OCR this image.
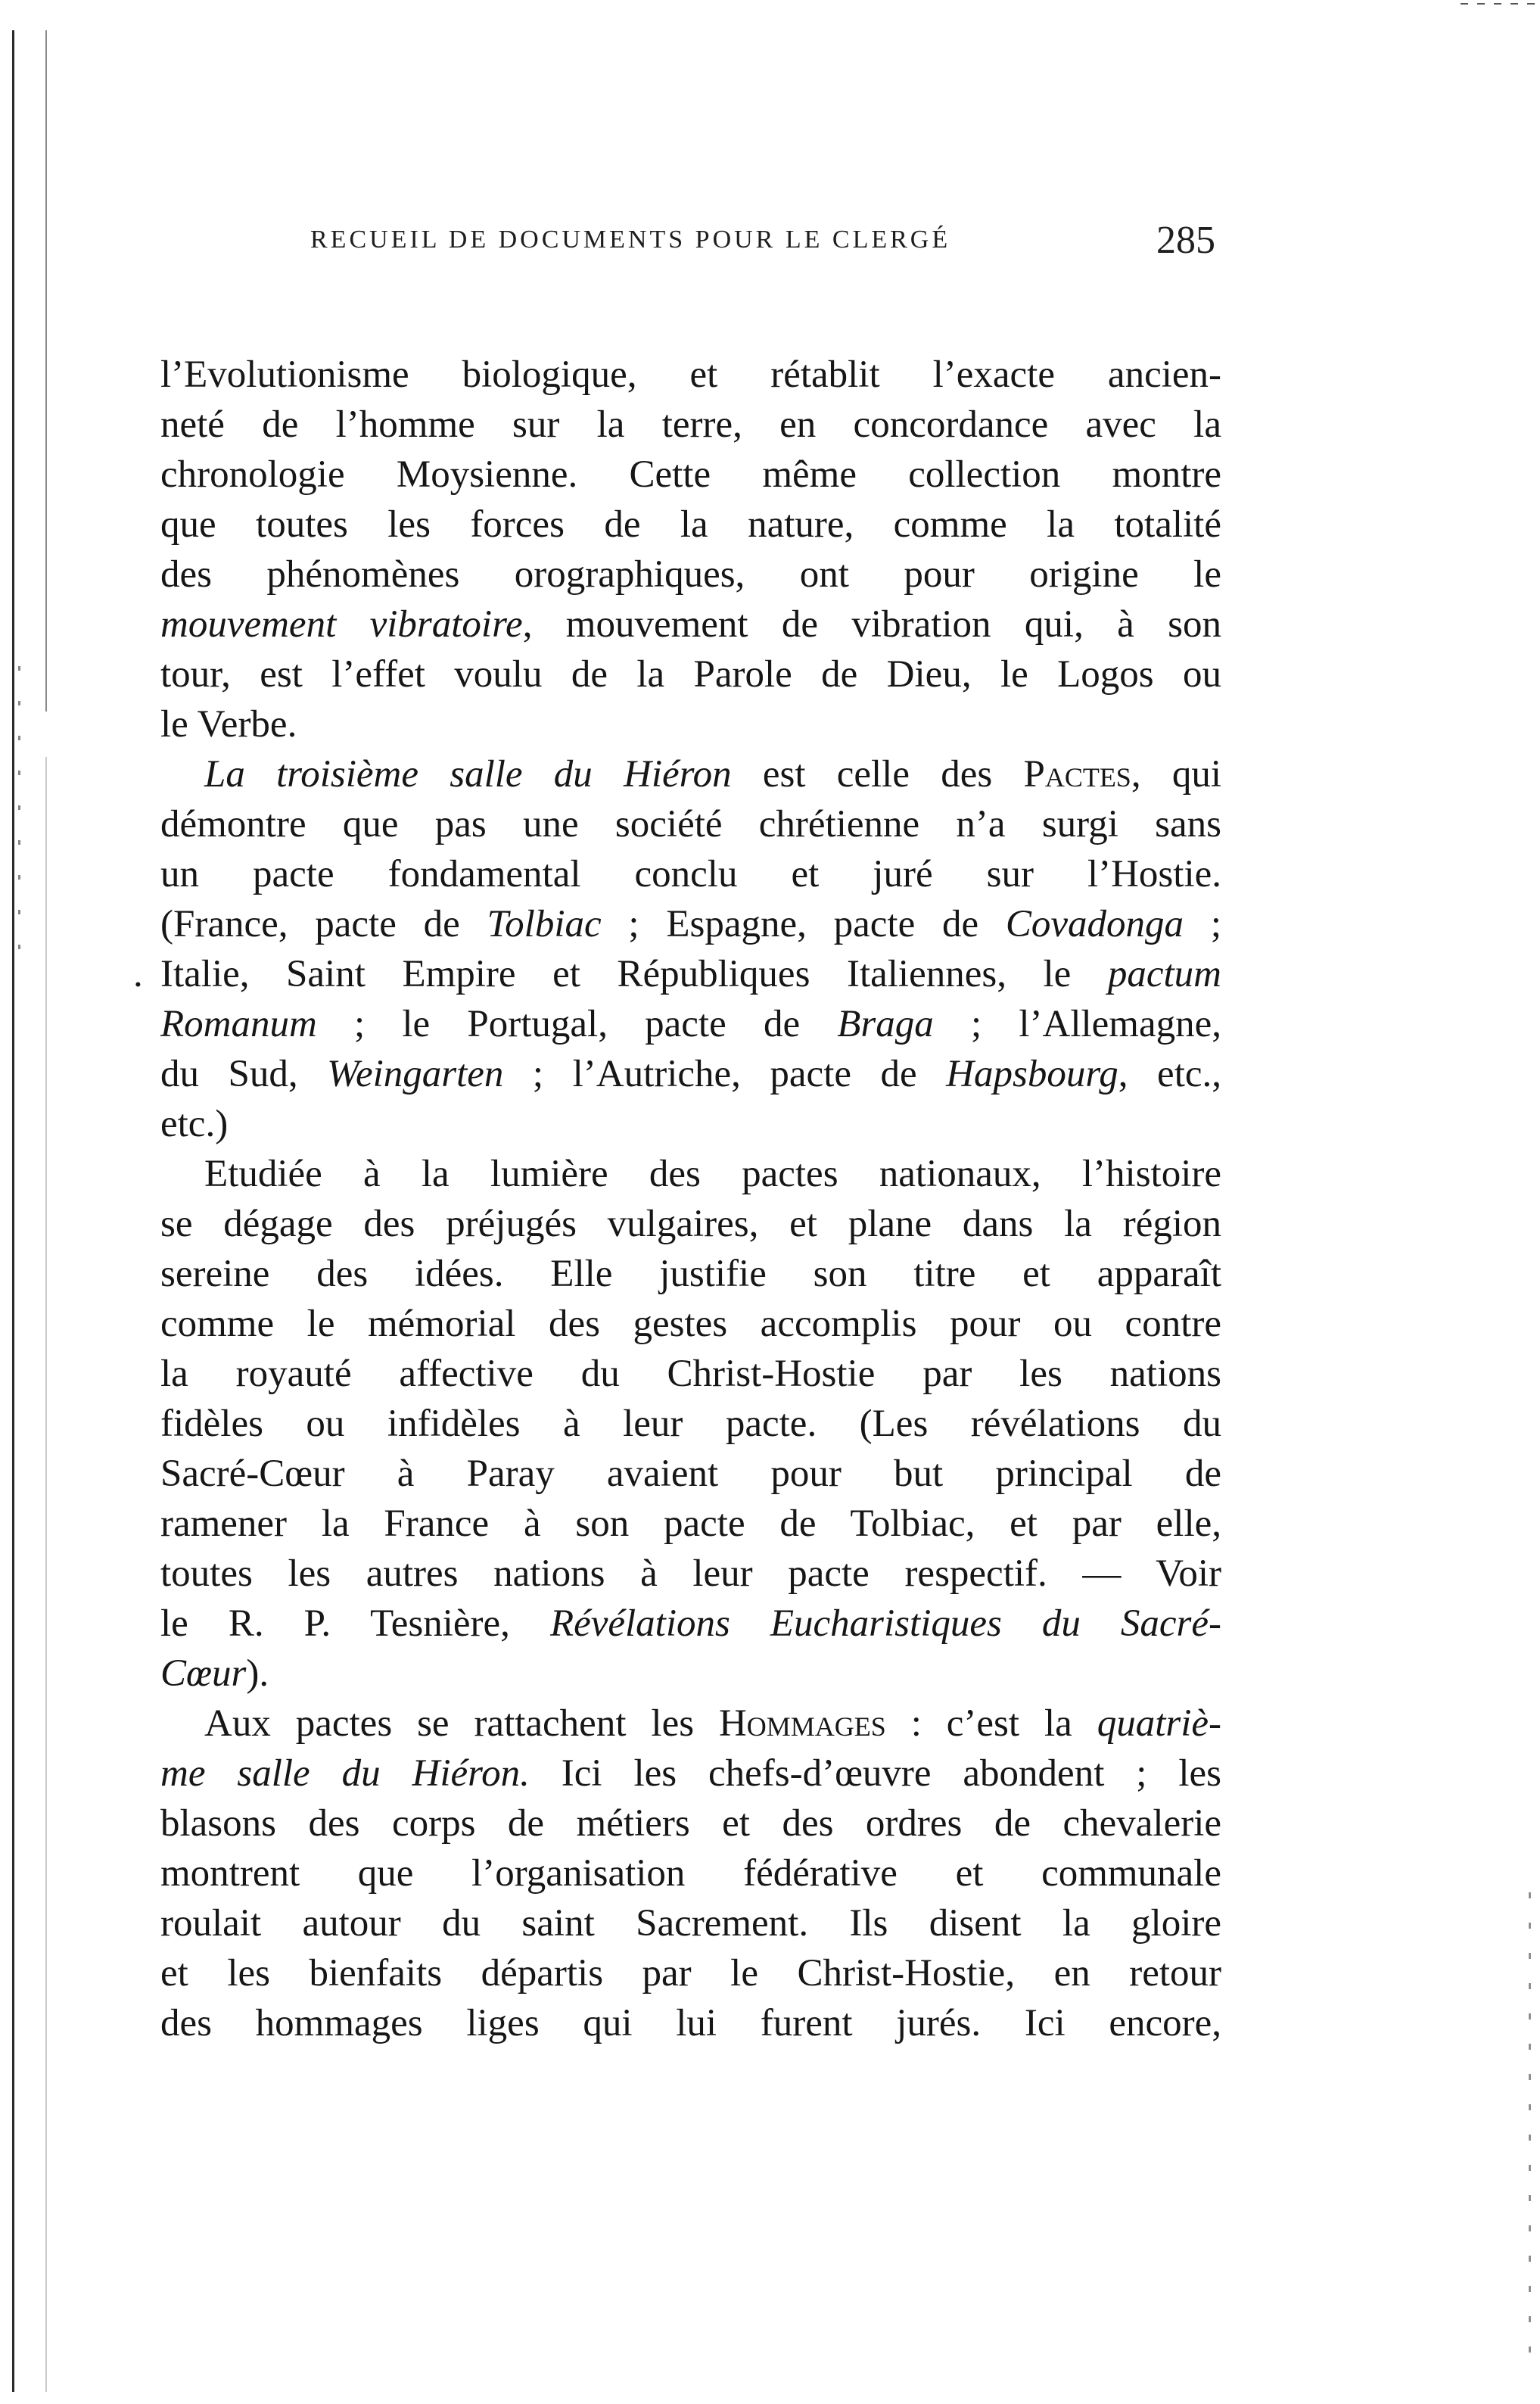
RECUEIL DE DOCUMENTS POUR LE CLERGÉ	285
.
l’Evolutionisme biologique, et rétablit l’exacte ancien-
neté de l’homme sur la terre, en concordance avec la
chronologie Moysienne. Cette même collection montre
que toutes les forces de la nature, comme la totalité
des phénomènes orographiques, ont pour origine le
mouvement vibratoire, mouvement de vibration qui, à son
tour, est l’effet voulu de la Parole de Dieu, le Logos ou
le Verbe.
La troisième salle du Hiéron est celle des Pactes, qui
démontre que pas une société chrétienne n’a surgi sans
un pacte fondamental conclu et juré sur l’Hostie.
(France, pacte de Tolbiac ; Espagne, pacte de Covadonga ;
Italie, Saint Empire et Républiques Italiennes, le pactum
Romanum ; le Portugal, pacte de Braga ; l’Allemagne,
du Sud, Weingarten ; l’Autriche, pacte de Hapsbourg, etc.,
etc.)
Etudiée à la lumière des pactes nationaux, l’histoire
se dégage des préjugés vulgaires, et plane dans la région
sereine des idées. Elle justifie son titre et apparaît
comme le mémorial des gestes accomplis pour ou contre
la royauté affective du Christ-Hostie par les nations
fidèles ou infidèles à leur pacte. (Les révélations du
Sacré-Cœur à Paray avaient pour but principal de
ramener la France à son pacte de Tolbiac, et par elle,
toutes les autres nations à leur pacte respectif. — Voir
le R. P. Tesnière, Révélations Eucharistiques du Sacré-
Cœur).
Aux pactes se rattachent les Hommages : c’est la quatriè-
me salle du Hiéron. Ici les chefs-d’œuvre abondent ; les
blasons des corps de métiers et des ordres de chevalerie
montrent que l’organisation fédérative et communale
roulait autour du saint Sacrement. Ils disent la gloire
et les bienfaits départis par le Christ-Hostie, en retour
des hommages liges qui lui furent jurés. Ici encore,
